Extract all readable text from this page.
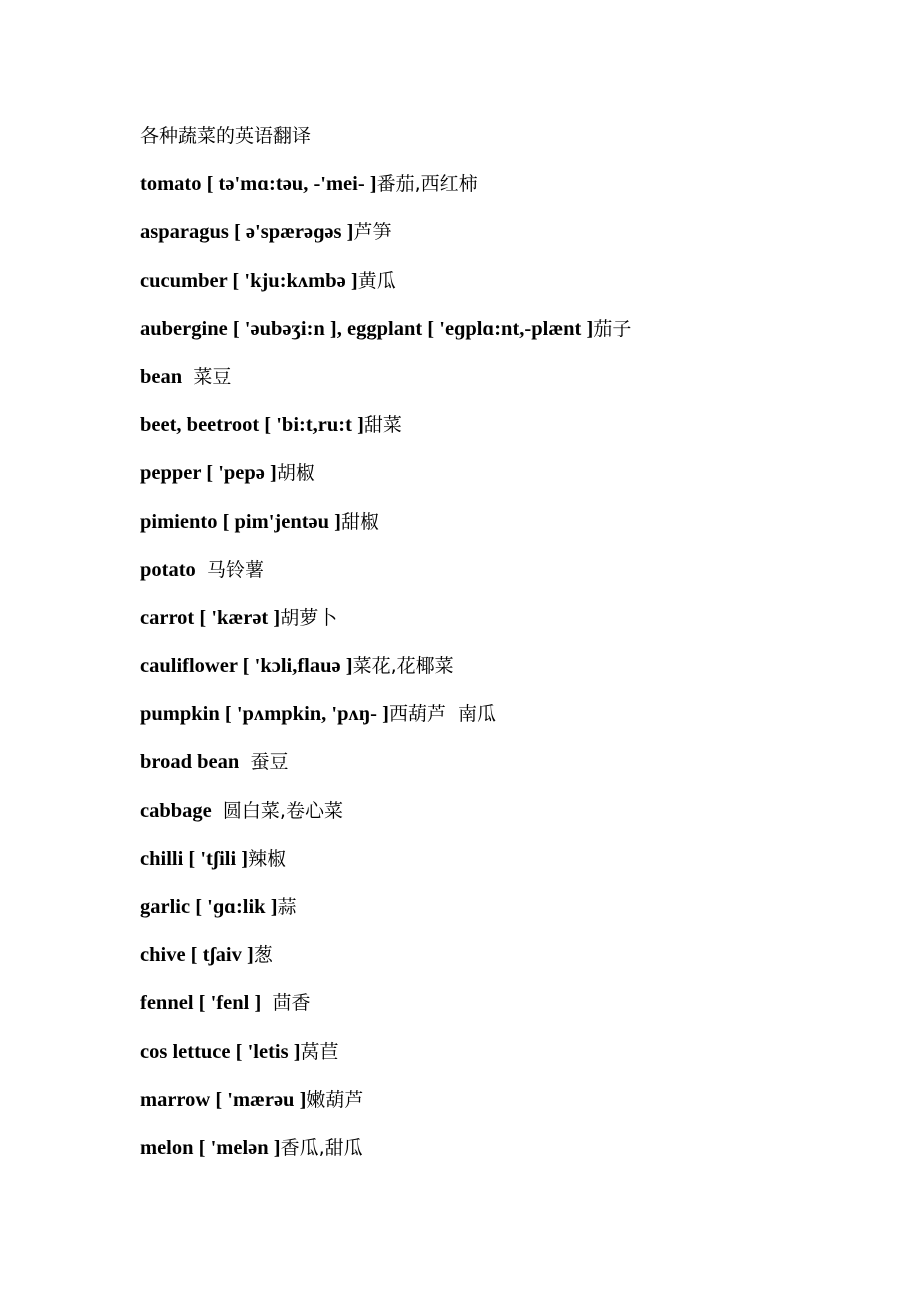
各种蔬菜的英语翻译
tomato [ tə'mɑ:təu, -'mei- ]番茄,西红柿
asparagus [ ə'spærəɡəs ]芦笋
cucumber [ 'kju:kʌmbə ]黄瓜
aubergine [ 'əubəʒi:n ], eggplant [ 'eɡplɑ:nt,-plænt ]茄子
bean  菜豆
beet, beetroot [ 'bi:t,ru:t ]甜菜
pepper [ 'pepə ]胡椒
pimiento [ pim'jentəu ]甜椒
potato  马铃薯
carrot [ 'kærət ]胡萝卜
cauliflower [ 'kɔli,flauə ]菜花,花椰菜
pumpkin [ 'pʌmpkin, 'pʌŋ- ]西葫芦  南瓜
broad bean  蚕豆
cabbage  圆白菜,卷心菜
chilli [ 'tʃili ]辣椒
garlic [ 'ɡɑ:lik ]蒜
chive [ tʃaiv ]葱
fennel [ 'fenl ]  茴香
cos lettuce [ 'letis ]莴苣
marrow [ 'mærəu ]嫩葫芦
melon [ 'melən ]香瓜,甜瓜
